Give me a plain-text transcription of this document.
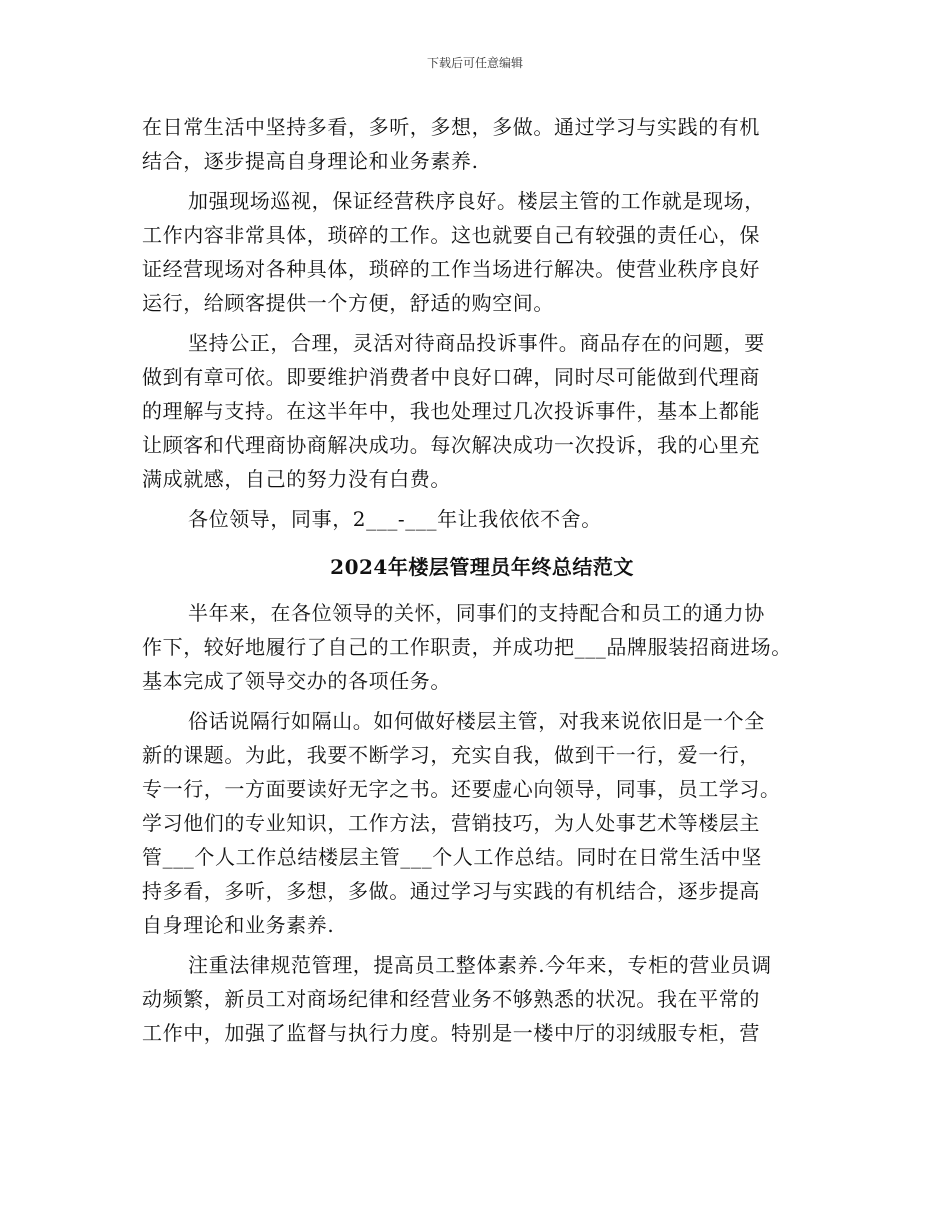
下载后可任意编辑
在日常生活中坚持多看，多听，多想，多做。通过学习与实践的有机
结合，逐步提高自身理论和业务素养.
加强现场巡视，保证经营秩序良好。楼层主管的工作就是现场，
工作内容非常具体，琐碎的工作。这也就要自己有较强的责任心，保
证经营现场对各种具体，琐碎的工作当场进行解决。使营业秩序良好
运行，给顾客提供一个方便，舒适的购空间。
坚持公正，合理，灵活对待商品投诉事件。商品存在的问题，要
做到有章可依。即要维护消费者中良好口碑，同时尽可能做到代理商
的理解与支持。在这半年中，我也处理过几次投诉事件，基本上都能
让顾客和代理商协商解决成功。每次解决成功一次投诉，我的心里充
满成就感，自己的努力没有白费。
各位领导，同事，2___-___年让我依依不舍。
2024年楼层管理员年终总结范文
半年来，在各位领导的关怀，同事们的支持配合和员工的通力协
作下，较好地履行了自己的工作职责，并成功把___品牌服装招商进场。
基本完成了领导交办的各项任务。
俗话说隔行如隔山。如何做好楼层主管，对我来说依旧是一个全
新的课题。为此，我要不断学习，充实自我，做到干一行，爱一行，
专一行，一方面要读好无字之书。还要虚心向领导，同事，员工学习。
学习他们的专业知识，工作方法，营销技巧，为人处事艺术等楼层主
管___个人工作总结楼层主管___个人工作总结。同时在日常生活中坚
持多看，多听，多想，多做。通过学习与实践的有机结合，逐步提高
自身理论和业务素养.
注重法律规范管理，提高员工整体素养.今年来，专柜的营业员调
动频繁，新员工对商场纪律和经营业务不够熟悉的状况。我在平常的
工作中，加强了监督与执行力度。特别是一楼中厅的羽绒服专柜，营
